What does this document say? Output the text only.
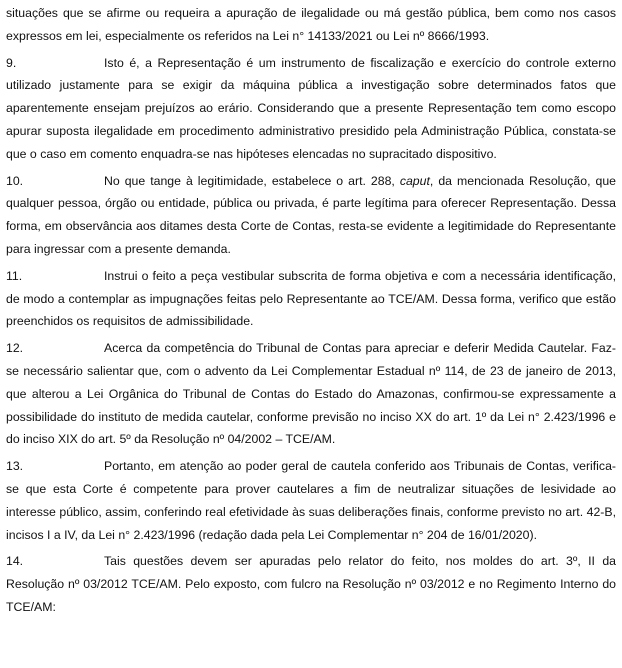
situações que se afirme ou requeira a apuração de ilegalidade ou má gestão pública, bem como nos casos expressos em lei, especialmente os referidos na Lei n° 14133/2021 ou Lei nº 8666/1993.

9.	Isto é, a Representação é um instrumento de fiscalização e exercício do controle externo utilizado justamente para se exigir da máquina pública a investigação sobre determinados fatos que aparentemente ensejam prejuízos ao erário. Considerando que a presente Representação tem como escopo apurar suposta ilegalidade em procedimento administrativo presidido pela Administração Pública, constata-se que o caso em comento enquadra-se nas hipóteses elencadas no supracitado dispositivo.

10.	No que tange à legitimidade, estabelece o art. 288, caput, da mencionada Resolução, que qualquer pessoa, órgão ou entidade, pública ou privada, é parte legítima para oferecer Representação. Dessa forma, em observância aos ditames desta Corte de Contas, resta-se evidente a legitimidade do Representante para ingressar com a presente demanda.

11.	Instrui o feito a peça vestibular subscrita de forma objetiva e com a necessária identificação, de modo a contemplar as impugnações feitas pelo Representante ao TCE/AM. Dessa forma, verifico que estão preenchidos os requisitos de admissibilidade.

12.	Acerca da competência do Tribunal de Contas para apreciar e deferir Medida Cautelar. Faz-se necessário salientar que, com o advento da Lei Complementar Estadual nº 114, de 23 de janeiro de 2013, que alterou a Lei Orgânica do Tribunal de Contas do Estado do Amazonas, confirmou-se expressamente a possibilidade do instituto de medida cautelar, conforme previsão no inciso XX do art. 1º da Lei n° 2.423/1996 e do inciso XIX do art. 5º da Resolução nº 04/2002 – TCE/AM.

13.	Portanto, em atenção ao poder geral de cautela conferido aos Tribunais de Contas, verifica-se que esta Corte é competente para prover cautelares a fim de neutralizar situações de lesividade ao interesse público, assim, conferindo real efetividade às suas deliberações finais, conforme previsto no art. 42-B, incisos I a IV, da Lei n° 2.423/1996 (redação dada pela Lei Complementar n° 204 de 16/01/2020).

14.	Tais questões devem ser apuradas pelo relator do feito, nos moldes do art. 3º, II da Resolução nº 03/2012 TCE/AM. Pelo exposto, com fulcro na Resolução nº 03/2012 e no Regimento Interno do TCE/AM:
